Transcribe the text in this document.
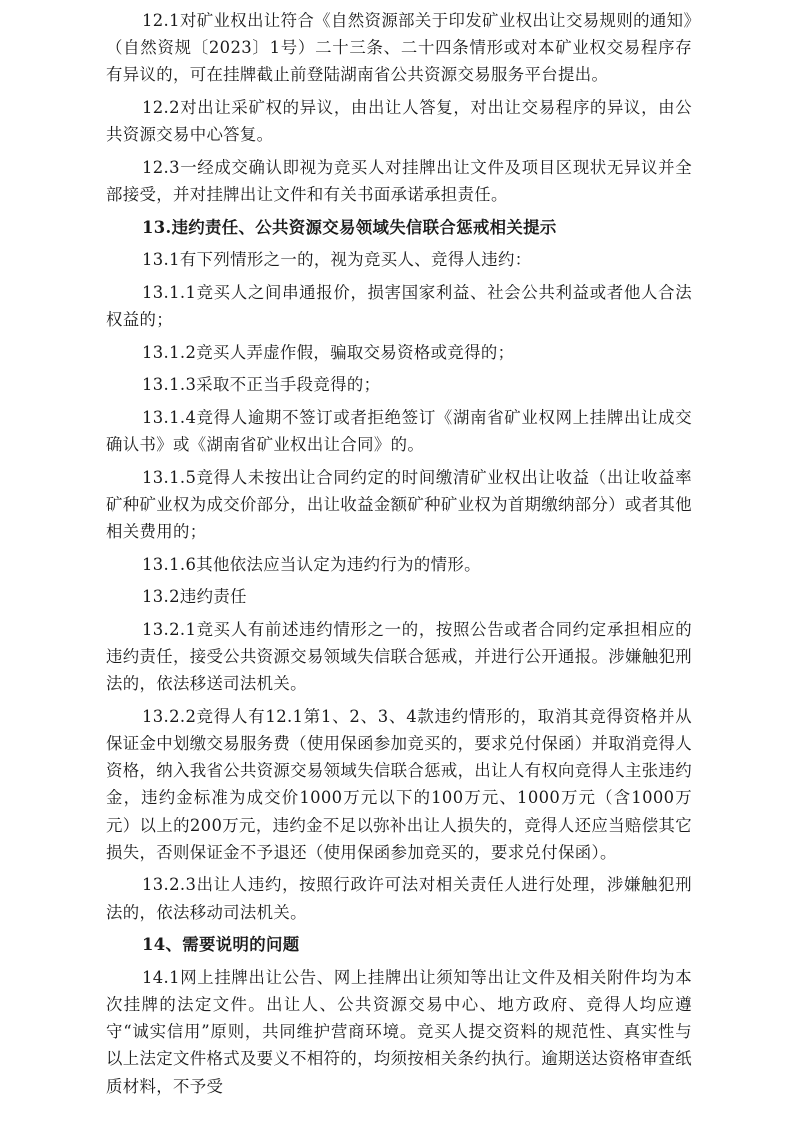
12.1对矿业权出让符合《自然资源部关于印发矿业权出让交易规则的通知》（自然资规〔2023〕1号）二十三条、二十四条情形或对本矿业权交易程序存有异议的，可在挂牌截止前登陆湖南省公共资源交易服务平台提出。

12.2对出让采矿权的异议，由出让人答复，对出让交易程序的异议，由公共资源交易中心答复。

12.3一经成交确认即视为竞买人对挂牌出让文件及项目区现状无异议并全部接受，并对挂牌出让文件和有关书面承诺承担责任。

13.违约责任、公共资源交易领域失信联合惩戒相关提示

13.1有下列情形之一的，视为竞买人、竞得人违约：

13.1.1竞买人之间串通报价，损害国家利益、社会公共利益或者他人合法权益的；

13.1.2竞买人弄虚作假，骗取交易资格或竞得的；

13.1.3采取不正当手段竞得的；

13.1.4竞得人逾期不签订或者拒绝签订《湖南省矿业权网上挂牌出让成交确认书》或《湖南省矿业权出让合同》的。

13.1.5竞得人未按出让合同约定的时间缴清矿业权出让收益（出让收益率矿种矿业权为成交价部分，出让收益金额矿种矿业权为首期缴纳部分）或者其他相关费用的；

13.1.6其他依法应当认定为违约行为的情形。

13.2违约责任

13.2.1竞买人有前述违约情形之一的，按照公告或者合同约定承担相应的违约责任，接受公共资源交易领域失信联合惩戒，并进行公开通报。涉嫌触犯刑法的，依法移送司法机关。

13.2.2竞得人有12.1第1、2、3、4款违约情形的，取消其竞得资格并从保证金中划缴交易服务费（使用保函参加竞买的，要求兑付保函）并取消竞得人资格，纳入我省公共资源交易领域失信联合惩戒，出让人有权向竞得人主张违约金，违约金标准为成交价1000万元以下的100万元、1000万元（含1000万元）以上的200万元，违约金不足以弥补出让人损失的，竞得人还应当赔偿其它损失，否则保证金不予退还（使用保函参加竞买的，要求兑付保函）。

13.2.3出让人违约，按照行政许可法对相关责任人进行处理，涉嫌触犯刑法的，依法移动司法机关。

14、需要说明的问题

14.1网上挂牌出让公告、网上挂牌出让须知等出让文件及相关附件均为本次挂牌的法定文件。出让人、公共资源交易中心、地方政府、竞得人均应遵守“诚实信用”原则，共同维护营商环境。竞买人提交资料的规范性、真实性与以上法定文件格式及要义不相符的，均须按相关条约执行。逾期送达资格审查纸质材料，不予受
